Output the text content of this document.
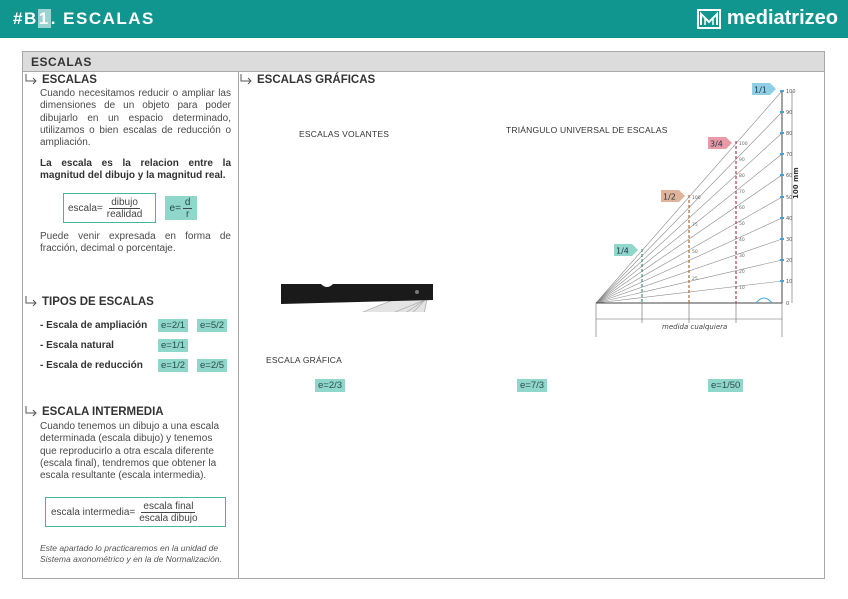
#B1. ESCALAS	mediatrizeo
ESCALAS
ESCALAS
Cuando necesitamos reducir o ampliar las dimensiones de un objeto para poder dibujarlo en un espacio determinado, utilizamos o bien escalas de reducción o ampliación.
La escala es la relacion entre la magnitud del dibujo y la magnitud real.
escala= $\frac{\text{dibujo}}{\text{realidad}}$	$e= \frac{d}{r}$
Puede venir expresada en forma de fracción, decimal o porcentaje.
TIPOS DE ESCALAS
- Escala de ampliación	e=2/1	e=5/2
- Escala natural	e=1/1
- Escala de reducción	e=1/2	e=2/5
ESCALA INTERMEDIA
Cuando tenemos un dibujo a una escala determinada (escala dibujo) y tenemos que reproducirlo a otra escala diferente (escala final), tendremos que obtener la escala resultante (escala intermedia).
escala intermedia= $\frac{\text{escala final}}{\text{escala dibujo}}$
Este apartado lo practicaremos en la unidad de Sistema axonométrico y en la de Normalización.
ESCALAS GRÁFICAS
ESCALAS VOLANTES	TRIÁNGULO UNIVERSAL DE ESCALAS
ESCALA GRÁFICA
1/1
3/4
1/2
1/4
100
90
80
70
60
50
40
30
20
10
0
100
90
80
70
60
50
40
30
20
10
100
75
50
25
100 mm
medida cualquiera
e=2/3	e=7/3	e=1/50
